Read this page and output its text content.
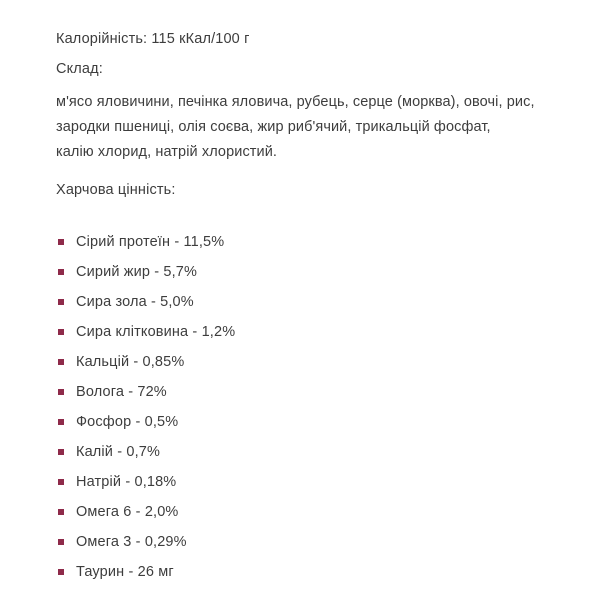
Калорійність: 115 кКал/100 г
Склад:

м'ясо яловичини, печінка яловича, рубець, серце (морква), овочі, рис,

зародки пшениці, олія соєва, жир риб'ячий, трикальцій фосфат,

калію хлорид, натрій хлористий.

Харчова цінність:
Сірий протеїн - 11,5%
Сирий жир - 5,7%
Сира зола - 5,0%
Сира клітковина - 1,2%
Кальцій - 0,85%
Волога - 72%
Фосфор - 0,5%
Калій - 0,7%
Натрій - 0,18%
Омега 6 - 2,0%
Омега 3 - 0,29%
Таурин - 26 мг
